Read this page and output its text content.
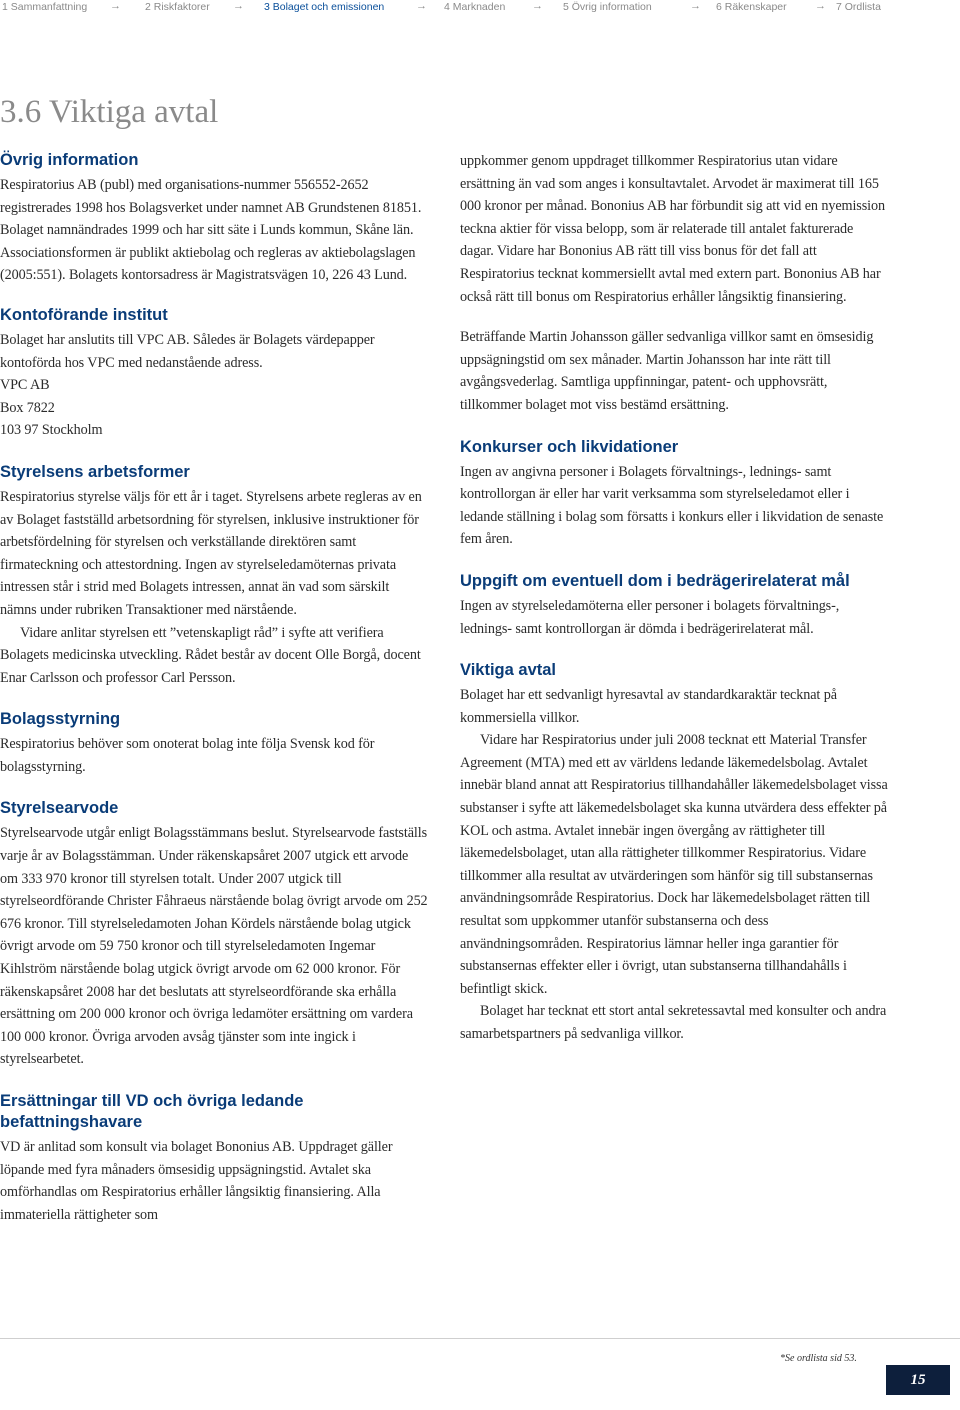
1 Sammanfattning → 2 Riskfaktorer → 3 Bolaget och emissionen	→ 4 Marknaden → 5 Övrig information	→ 6 Räkenskaper	→ 7 Ordlista
3.6 Viktiga avtal
Övrig information

Respiratorius AB (publ) med organisations-nummer 556552-2652 registrerades 1998 hos Bolagsverket under namnet AB Grundstenen 81851. Bolaget namnändrades 1999 och har sitt säte i Lunds kommun, Skåne län. Associationsformen är publikt aktiebolag och regleras av aktiebolagslagen (2005:551). Bolagets kontorsadress är Magistratsvägen 10, 226 43 Lund.

Kontoförande institut

Bolaget har anslutits till VPC AB. Således är Bolagets värdepapper kontoförda hos VPC med nedanstående adress.

VPC AB

Box 7822

103 97 Stockholm

Styrelsens arbetsformer

Respiratorius styrelse väljs för ett år i taget. Styrelsens arbete regleras av en av Bolaget fastställd arbetsordning för styrelsen, inklusive instruktioner för arbetsfördelning för styrelsen och verkställande direktören samt firmateckning och attestordning. Ingen av styrelseledamöternas privata intressen står i strid med Bolagets intressen, annat än vad som särskilt nämns under rubriken Transaktioner med närstående.

Vidare anlitar styrelsen ett ”vetenskapligt råd” i syfte att verifiera Bolagets medicinska utveckling. Rådet består av docent Olle Borgå, docent Enar Carlsson och professor Carl Persson.

Bolagsstyrning

Respiratorius behöver som onoterat bolag inte följa Svensk kod för bolagsstyrning.

Styrelsearvode

Styrelsearvode utgår enligt Bolagsstämmans beslut. Styrelsearvode fastställs varje år av Bolagsstämman. Under räkenskapsåret 2007 utgick ett arvode om 333 970 kronor till styrelsen totalt. Under 2007 utgick till styrelseordförande Christer Fåhraeus närstående bolag övrigt arvode om 252 676 kronor. Till styrelseledamoten Johan Kördels närstående bolag utgick övrigt arvode om 59 750 kronor och till styrelseledamoten Ingemar Kihlström närstående bolag utgick övrigt arvode om 62 000 kronor. För räkenskapsåret 2008 har det beslutats att styrelseordförande ska erhålla ersättning om 200 000 kronor och övriga ledamöter ersättning om vardera 100 000 kronor. Övriga arvoden avsåg tjänster som inte ingick i styrelsearbetet.

Ersättningar till VD och övriga ledande befattningshavare

VD är anlitad som konsult via bolaget Bononius AB. Uppdraget gäller löpande med fyra månaders ömsesidig uppsägningstid. Avtalet ska omförhandlas om Respiratorius erhåller långsiktig finansiering. Alla immateriella rättigheter som

uppkommer genom uppdraget tillkommer Respiratorius utan vidare ersättning än vad som anges i konsultavtalet. Arvodet är maximerat till 165 000 kronor per månad. Bononius AB har förbundit sig att vid en nyemission teckna aktier för vissa belopp, som är relaterade till antalet fakturerade dagar. Vidare har Bononius AB rätt till viss bonus för det fall att Respiratorius tecknat kommersiellt avtal med extern part. Bononius AB har också rätt till bonus om Respiratorius erhåller långsiktig finansiering.

Beträffande Martin Johansson gäller sedvanliga villkor samt en ömsesidig uppsägningstid om sex månader. Martin Johansson har inte rätt till avgångsvederlag. Samtliga uppfinningar, patent- och upphovsrätt, tillkommer bolaget mot viss bestämd ersättning.

Konkurser och likvidationer

Ingen av angivna personer i Bolagets förvaltnings-, lednings- samt kontrollorgan är eller har varit verksamma som styrelseledamot eller i ledande ställning i bolag som försatts i konkurs eller i likvidation de senaste fem åren.

Uppgift om eventuell dom i bedrägerirelaterat mål

Ingen av styrelseledamöterna eller personer i bolagets förvaltnings-, lednings- samt kontrollorgan är dömda i bedrägerirelaterat mål.

Viktiga avtal

Bolaget har ett sedvanligt hyresavtal av standardkaraktär tecknat på kommersiella villkor.

Vidare har Respiratorius under juli 2008 tecknat ett Material Transfer Agreement (MTA) med ett av världens ledande läkemedelsbolag. Avtalet innebär bland annat att Respiratorius tillhandahåller läkemedelsbolaget vissa substanser i syfte att läkemedelsbolaget ska kunna utvärdera dess effekter på KOL och astma. Avtalet innebär ingen övergång av rättigheter till läkemedelsbolaget, utan alla rättigheter tillkommer Respiratorius. Vidare tillkommer alla resultat av utvärderingen som hänför sig till substansernas användningsområde Respiratorius. Dock har läkemedelsbolaget rätten till resultat som uppkommer utanför substanserna och dess användningsområden. Respiratorius lämnar heller inga garantier för substansernas effekter eller i övrigt, utan substanserna tillhandahålls i befintligt skick.

Bolaget har tecknat ett stort antal sekretessavtal med konsulter och andra samarbetspartners på sedvanliga villkor.

*Se ordlista sid 53.
15
